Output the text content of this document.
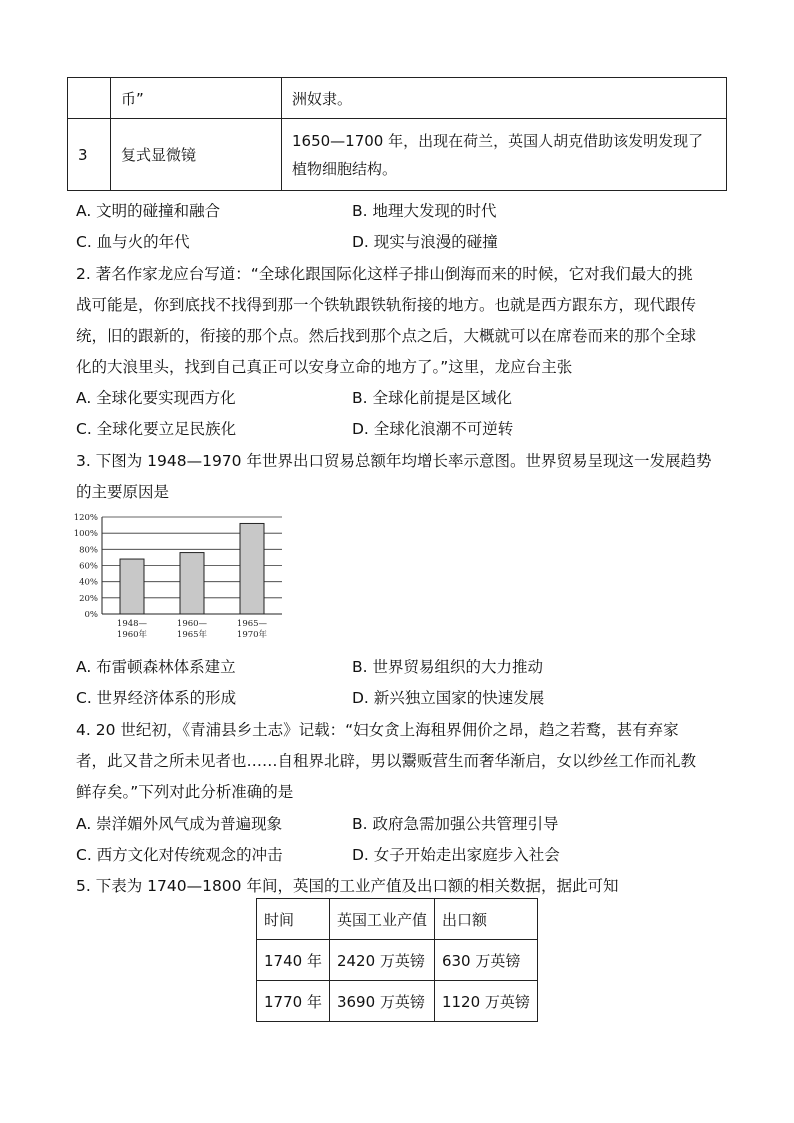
	币”	洲奴隶。
3	复式显微镜	1650—1700 年，出现在荷兰，英国人胡克借助该发明发现了
植物细胞结构。
A. 文明的碰撞和融合	B. 地理大发现的时代
C. 血与火的年代	D. 现实与浪漫的碰撞
2. 著名作家龙应台写道：“全球化跟国际化这样子排山倒海而来的时候，它对我们最大的挑
战可能是，你到底找不找得到那一个铁轨跟铁轨衔接的地方。也就是西方跟东方，现代跟传
统，旧的跟新的，衔接的那个点。然后找到那个点之后，大概就可以在席卷而来的那个全球
化的大浪里头，找到自己真正可以安身立命的地方了。”这里，龙应台主张
A. 全球化要实现西方化	B. 全球化前提是区域化
C. 全球化要立足民族化	D. 全球化浪潮不可逆转
3. 下图为 1948—1970 年世界出口贸易总额年均增长率示意图。世界贸易呈现这一发展趋势
的主要原因是
0%
20%
40%
60%
80%
100%
120%
1948—
1960年
1960—
1965年
1965—
1970年
A. 布雷顿森林体系建立	B. 世界贸易组织的大力推动
C. 世界经济体系的形成	D. 新兴独立国家的快速发展
4. 20 世纪初，《青浦县乡土志》记载：“妇女贪上海租界佣价之昂，趋之若鹜，甚有弃家
者，此又昔之所未见者也……自租界北辟，男以鬻贩营生而奢华渐启，女以纱丝工作而礼教
鲜存矣。”下列对此分析准确的是
A. 崇洋媚外风气成为普遍现象	B. 政府急需加强公共管理引导
C. 西方文化对传统观念的冲击	D. 女子开始走出家庭步入社会
5. 下表为 1740—1800 年间，英国的工业产值及出口额的相关数据，据此可知
时间	英国工业产值	出口额
1740 年	2420 万英镑	630 万英镑
1770 年	3690 万英镑	1120 万英镑
